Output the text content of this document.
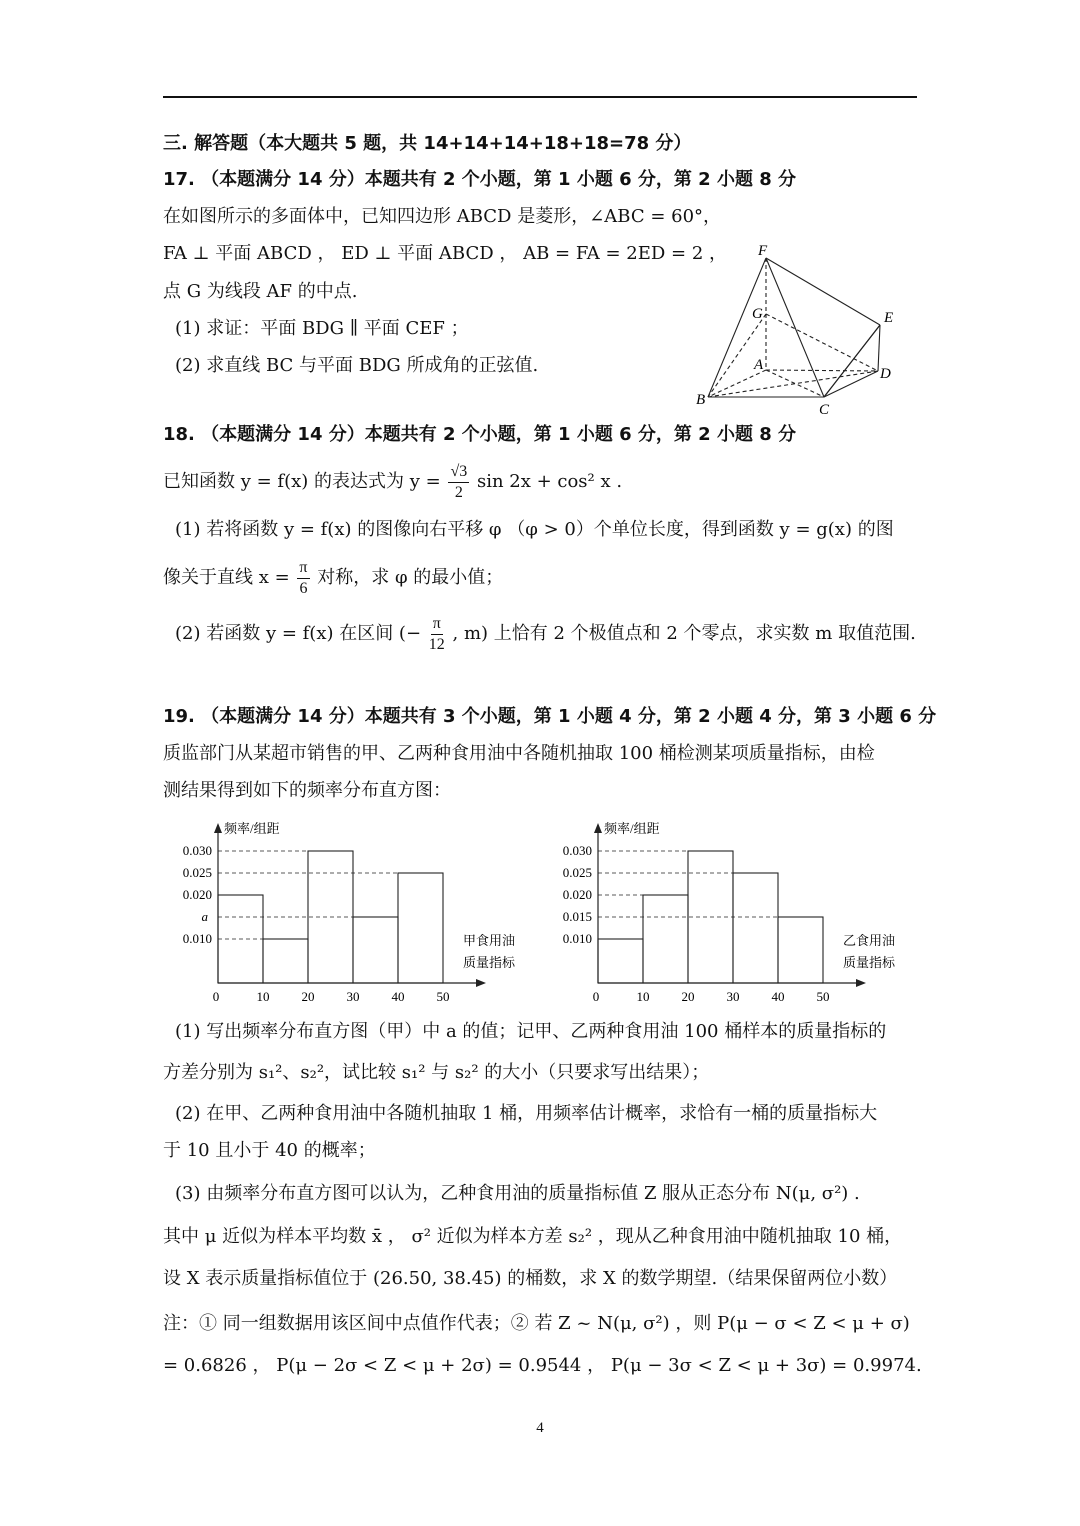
三. 解答题（本大题共 5 题，共 14+14+14+18+18=78 分）
17. （本题满分 14 分）本题共有 2 个小题，第 1 小题 6 分，第 2 小题 8 分
在如图所示的多面体中，已知四边形 ABCD 是菱形，∠ABC = 60°，
FA ⊥ 平面 ABCD ， ED ⊥ 平面 ABCD ， AB = FA = 2ED = 2 ，
点 G 为线段 AF 的中点.
(1) 求证：平面 BDG ∥ 平面 CEF ；
(2) 求直线 BC 与平面 BDG 所成角的正弦值.
F
G	E
A
D
B
C
18. （本题满分 14 分）本题共有 2 个小题，第 1 小题 6 分，第 2 小题 8 分
已知函数 y = f(x) 的表达式为 $y = \frac{√3}{2}$ sin 2x + cos² x .
(1) 若将函数 y = f(x) 的图像向右平移 φ （φ > 0）个单位长度，得到函数 y = g(x) 的图
像关于直线 $x = \frac{\pi}{6}$ 对称，求 φ 的最小值；
(2) 若函数 y = f(x) 在区间 (− $\frac{\pi}{12}$ , m) 上恰有 2 个极值点和 2 个零点，求实数 m 取值范围.
19. （本题满分 14 分）本题共有 3 个小题，第 1 小题 4 分，第 2 小题 4 分，第 3 小题 6 分
质监部门从某超市销售的甲、乙两种食用油中各随机抽取 100 桶检测某项质量指标，由检
测结果得到如下的频率分布直方图：
频率/组距
0.030
0.025
0.020
a
0.010
0	10 20 30 40 50
甲食用油
质量指标
频率/组距
0.030
0.025
0.020
0.015
0.010
0	10 20 30 40 50
乙食用油
质量指标
(1) 写出频率分布直方图（甲）中 a 的值；记甲、乙两种食用油 100 桶样本的质量指标的
方差分别为 s₁²、s₂²，试比较 s₁² 与 s₂² 的大小（只要求写出结果）；
(2) 在甲、乙两种食用油中各随机抽取 1 桶，用频率估计概率，求恰有一桶的质量指标大
于 10 且小于 40 的概率；
(3) 由频率分布直方图可以认为，乙种食用油的质量指标值 Z 服从正态分布 N(μ, σ²) .
其中 μ 近似为样本平均数 x̄ ， σ² 近似为样本方差 s₂² ，现从乙种食用油中随机抽取 10 桶，
设 X 表示质量指标值位于 (26.50, 38.45) 的桶数，求 X 的数学期望.（结果保留两位小数）
注：① 同一组数据用该区间中点值作代表；② 若 Z ~ N(μ, σ²) ，则 P(μ − σ < Z < μ + σ)
= 0.6826 ， P(μ − 2σ < Z < μ + 2σ) = 0.9544 ， P(μ − 3σ < Z < μ + 3σ) = 0.9974.
4
